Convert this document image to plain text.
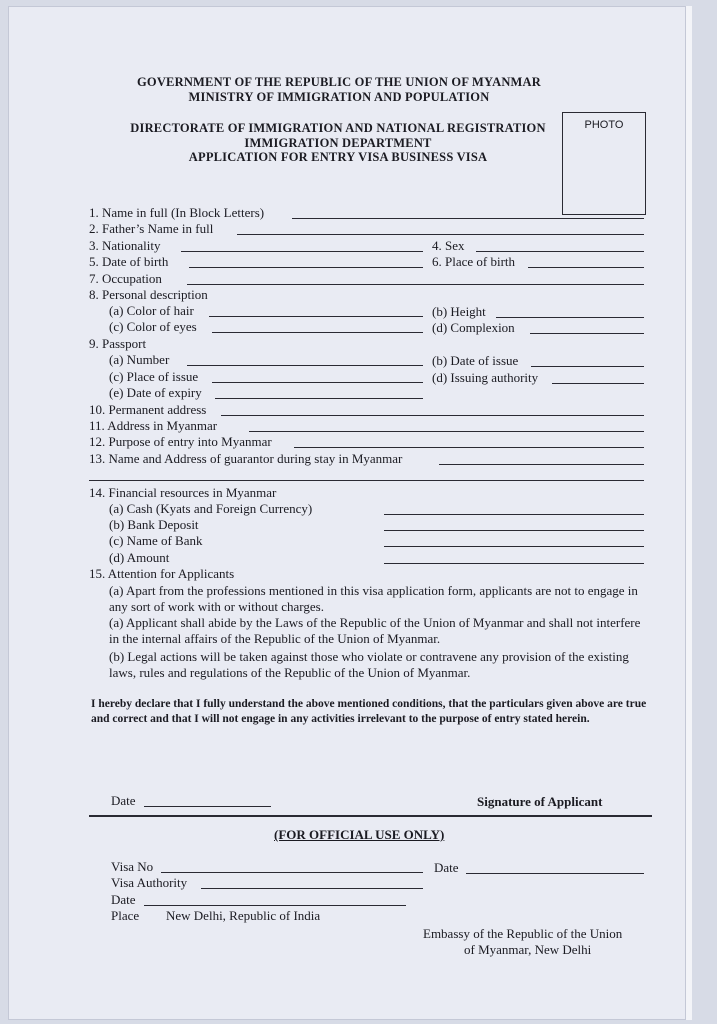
GOVERNMENT OF THE REPUBLIC OF THE UNION OF MYANMAR
MINISTRY OF IMMIGRATION AND POPULATION
DIRECTORATE OF IMMIGRATION AND NATIONAL REGISTRATION
IMMIGRATION DEPARTMENT
APPLICATION FOR ENTRY VISA BUSINESS VISA
PHOTO
1. Name in full (In Block Letters)
2. Father’s Name in full
3. Nationality	4. Sex
5. Date of birth	6. Place of birth
7. Occupation
8. Personal description
(a) Color of hair	(b) Height
(c) Color of eyes	(d) Complexion
9. Passport
(a) Number	(b) Date of issue
(c) Place of issue	(d) Issuing authority
(e) Date of expiry
10. Permanent address
11. Address in Myanmar
12. Purpose of entry into Myanmar
13. Name and Address of guarantor during stay in Myanmar
14. Financial resources in Myanmar
(a) Cash (Kyats and Foreign Currency)
(b) Bank Deposit
(c) Name of Bank
(d) Amount
15. Attention for Applicants
(a) Apart from the professions mentioned in this visa application form, applicants are not to engage in any sort of work with or without charges.
(a) Applicant shall abide by the Laws of the Republic of the Union of Myanmar and shall not interfere in the internal affairs of the Republic of the Union of Myanmar.
(b) Legal actions will be taken against those who violate or contravene any provision of the existing laws, rules and regulations of the Republic of the Union of Myanmar.
I hereby declare that I fully understand the above mentioned conditions, that the particulars given above are true and correct and that I will not engage in any activities irrelevant to the purpose of entry stated herein.
Date	Signature of Applicant
(FOR OFFICIAL USE ONLY)
Visa No	Date
Visa Authority
Date
Place New Delhi, Republic of India
Embassy of the Republic of the Union
of Myanmar, New Delhi
